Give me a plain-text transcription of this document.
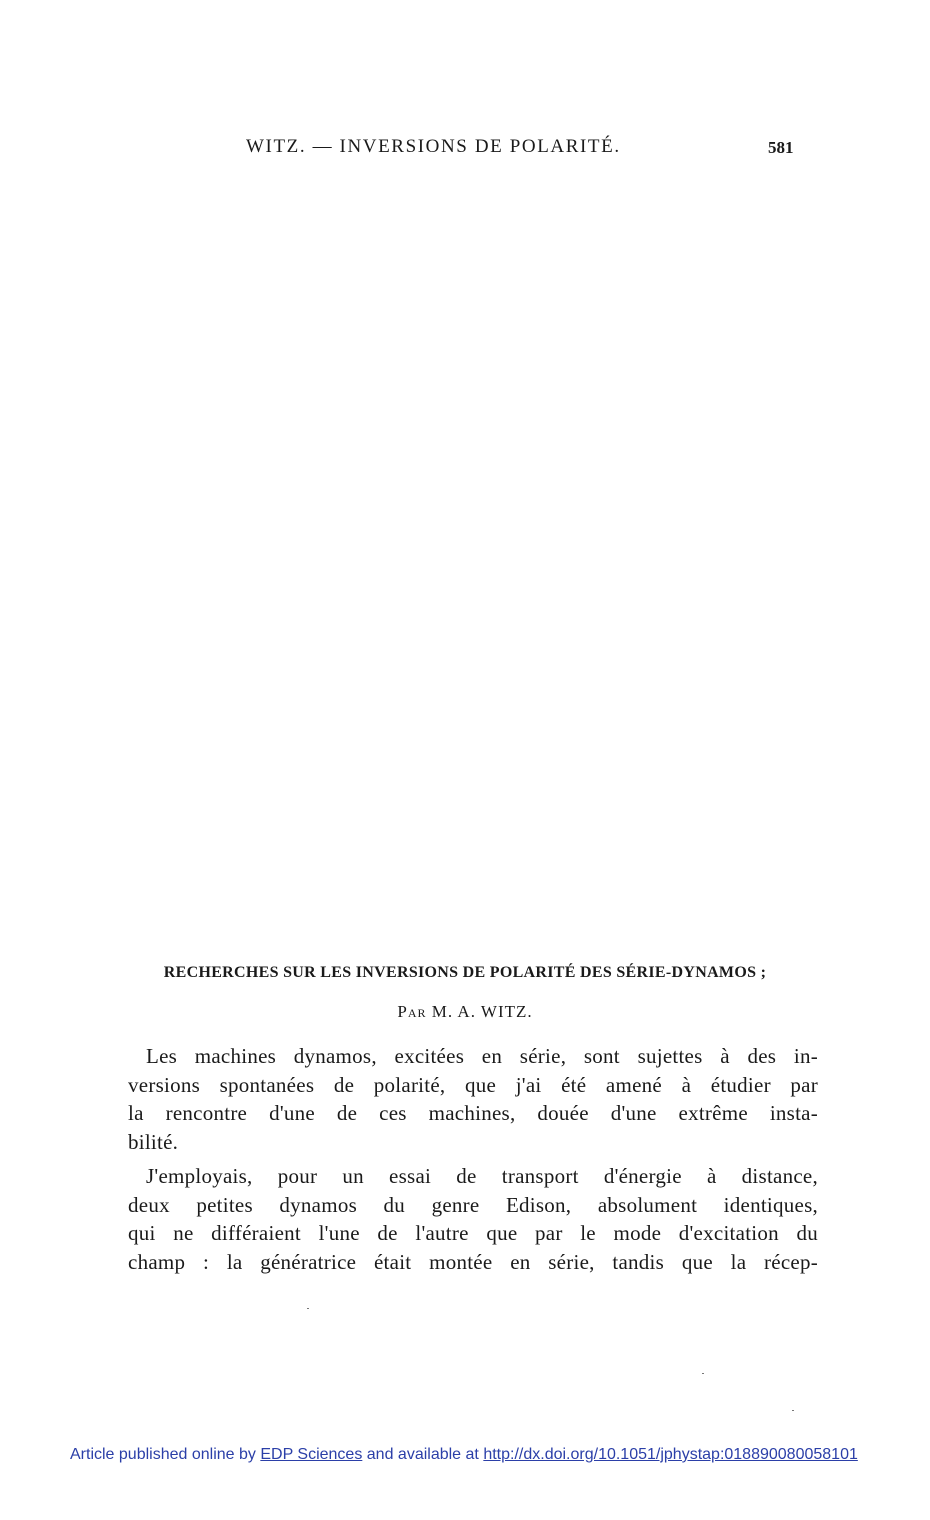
WITZ. — INVERSIONS DE POLARITÉ.	581
RECHERCHES SUR LES INVERSIONS DE POLARITÉ DES SÉRIE-DYNAMOS ;
Par M. A. WITZ.
Les machines dynamos, excitées en série, sont sujettes à des in-
versions spontanées de polarité, que j'ai été amené à étudier par
la rencontre d'une de ces machines, douée d'une extrême insta-
bilité.
J'employais, pour un essai de transport d'énergie à distance,
deux petites dynamos du genre Edison, absolument identiques,
qui ne différaient l'une de l'autre que par le mode d'excitation du
champ : la génératrice était montée en série, tandis que la récep-
Article published online by EDP Sciences and available at http://dx.doi.org/10.1051/jphystap:018890080058101
